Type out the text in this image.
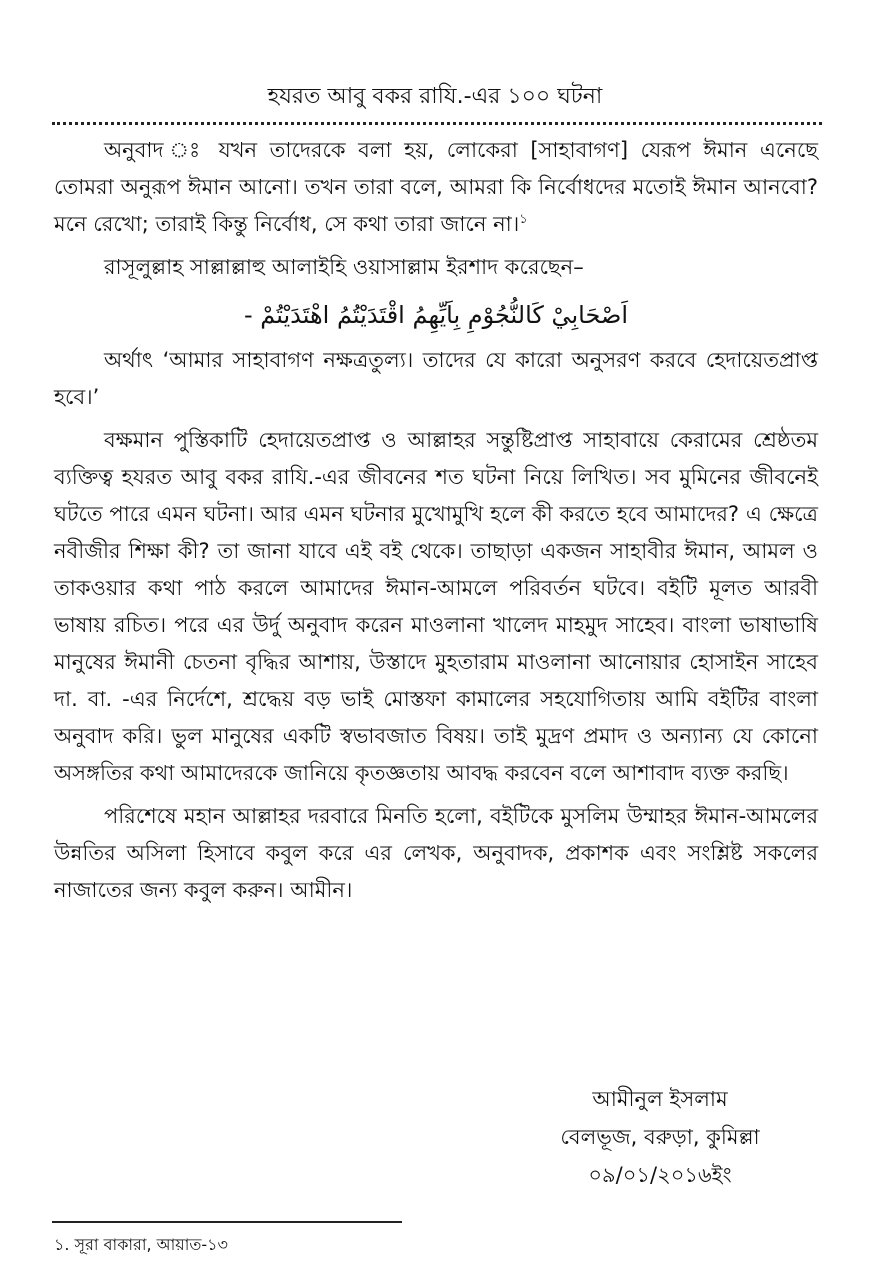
হযরত আবু বকর রাযি.-এর ১০০ ঘটনা

অনুবাদ ঃ যখন তাদেরকে বলা হয়, লোকেরা [সাহাবাগণ] যেরূপ ঈমান এনেছে তোমরা অনুরূপ ঈমান আনো। তখন তারা বলে, আমরা কি নির্বোধদের মতোই ঈমান আনবো? মনে রেখো; তারাই কিন্তু নির্বোধ, সে কথা তারা জানে না।$^১$

রাসূলুল্লাহ সাল্লাল্লাহু আলাইহি ওয়াসাল্লাম ইরশাদ করেছেন–

اَصْحَابِيْ كَالنُّجُوْمِ بِاَيِّهِمُ اقْتَدَيْتُمُ اهْتَدَيْتُمْ -

অর্থাৎ ‘আমার সাহাবাগণ নক্ষত্রতুল্য। তাদের যে কারো অনুসরণ করবে হেদায়েতপ্রাপ্ত হবে।’

বক্ষমান পুস্তিকাটি হেদায়েতপ্রাপ্ত ও আল্লাহর সন্তুষ্টিপ্রাপ্ত সাহাবায়ে কেরামের শ্রেষ্ঠতম ব্যক্তিত্ব হযরত আবু বকর রাযি.-এর জীবনের শত ঘটনা নিয়ে লিখিত। সব মুমিনের জীবনেই ঘটতে পারে এমন ঘটনা। আর এমন ঘটনার মুখোমুখি হলে কী করতে হবে আমাদের? এ ক্ষেত্রে নবীজীর শিক্ষা কী? তা জানা যাবে এই বই থেকে। তাছাড়া একজন সাহাবীর ঈমান, আমল ও তাকওয়ার কথা পাঠ করলে আমাদের ঈমান-আমলে পরিবর্তন ঘটবে। বইটি মূলত আরবী ভাষায় রচিত। পরে এর উর্দু অনুবাদ করেন মাওলানা খালেদ মাহমুদ সাহেব। বাংলা ভাষাভাষি মানুষের ঈমানী চেতনা বৃদ্ধির আশায়, উস্তাদে মুহতারাম মাওলানা আনোয়ার হোসাইন সাহেব দা. বা. -এর নির্দেশে, শ্রদ্ধেয় বড় ভাই মোস্তফা কামালের সহযোগিতায় আমি বইটির বাংলা অনুবাদ করি। ভুল মানুষের একটি স্বভাবজাত বিষয়। তাই মুদ্রণ প্রমাদ ও অন্যান্য যে কোনো অসঙ্গতির কথা আমাদেরকে জানিয়ে কৃতজ্ঞতায় আবদ্ধ করবেন বলে আশাবাদ ব্যক্ত করছি।

পরিশেষে মহান আল্লাহর দরবারে মিনতি হলো, বইটিকে মুসলিম উম্মাহর ঈমান-আমলের উন্নতির অসিলা হিসাবে কবুল করে এর লেখক, অনুবাদক, প্রকাশক এবং সংশ্লিষ্ট সকলের নাজাতের জন্য কবুল করুন। আমীন।

আমীনুল ইসলাম
বেলভূজ, বরুড়া, কুমিল্লা
০৯/০১/২০১৬ইং
১. সূরা বাকারা, আয়াত-১৩
